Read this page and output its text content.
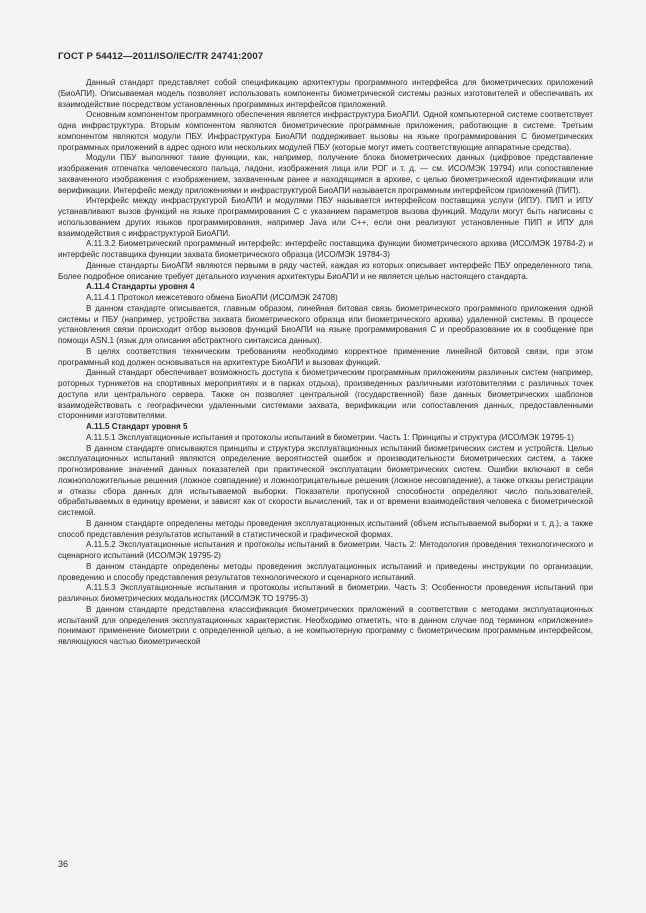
ГОСТ Р 54412—2011/ISO/IEC/TR 24741:2007

Данный стандарт представляет собой спецификацию архитектуры программного интерфейса для биометрических приложений (БиоАПИ). Описываемая модель позволяет использовать компоненты биометрической системы разных изготовителей и обеспечивать их взаимодействие посредством установленных программных интерфейсов приложений.

Основным компонентом программного обеспечения является инфраструктура БиоАПИ. Одной компьютерной системе соответствует одна инфраструктура. Вторым компонентом являются биометрические программные приложения, работающие в системе. Третьим компонентом являются модули ПБУ. Инфраструктура БиоАПИ поддерживает вызовы на языке программирования С биометрических программных приложений в адрес одного или нескольких модулей ПБУ (которые могут иметь соответствующие аппаратные средства).

Модули ПБУ выполняют такие функции, как, например, получение блока биометрических данных (цифровое представление изображения отпечатка человеческого пальца, ладони, изображения лица или РОГ и т. д. — см. ИСО/МЭК 19794) или сопоставление захваченного изображения с изображением, захваченным ранее и находящимся в архиве, с целью биометрической идентификации или верификации. Интерфейс между приложениями и инфраструктурой БиоАПИ называется программным интерфейсом приложений (ПИП).

Интерфейс между инфраструктурой БиоАПИ и модулями ПБУ называется интерфейсом поставщика услуги (ИПУ). ПИП и ИПУ устанавливают вызов функций на языке программирования С с указанием параметров вызова функций. Модули могут быть написаны с использованием других языков программирования, например Java или С++, если они реализуют установленные ПИП и ИПУ для взаимодействия с инфраструктурой БиоАПИ.

А.11.3.2 Биометрический программный интерфейс: интерфейс поставщика функции биометрического архива (ИСО/МЭК 19784-2) и интерфейс поставщика функции захвата биометрического образца (ИСО/МЭК 19784-3)

Данные стандарты БиоАПИ являются первыми в ряду частей, каждая из которых описывает интерфейс ПБУ определенного типа. Более подробное описание требует детального изучения архитектуры БиоАПИ и не является целью настоящего стандарта.

А.11.4 Стандарты уровня 4

А.11.4.1 Протокол межсетевого обмена БиоАПИ (ИСО/МЭК 24708)

В данном стандарте описывается, главным образом, линейная битовая связь биометрического программного приложения одной системы и ПБУ (например, устройства захвата биометрического образца или биометрического архива) удаленной системы. В процессе установления связи происходит отбор вызовов функций БиоАПИ на языке программирования С и преобразование их в сообщение при помощи ASN.1 (язык для описания абстрактного синтаксиса данных).

В целях соответствия техническим требованиям необходимо корректное применение линейной битовой связи, при этом программный код должен основываться на архитектуре БиоАПИ и вызовах функций.

Данный стандарт обеспечивает возможность доступа к биометрическим программным приложениям различных систем (например, роторных турникетов на спортивных мероприятиях и в парках отдыха), произведенных различными изготовителями с различных точек доступа или центрального сервера. Также он позволяет центральной (государственной) базе данных биометрических шаблонов взаимодействовать с географически удаленными системами захвата, верификации или сопоставления данных, предоставленными сторонними изготовителями.

А.11.5 Стандарт уровня 5

А.11.5.1 Эксплуатационные испытания и протоколы испытаний в биометрии. Часть 1: Принципы и структура (ИСО/МЭК 19795-1)

В данном стандарте описываются принципы и структура эксплуатационных испытаний биометрических систем и устройств. Целью эксплуатационных испытаний являются определение вероятностей ошибок и производительности биометрических систем, а также прогнозирование значений данных показателей при практической эксплуатации биометрических систем. Ошибки включают в себя ложноположительные решения (ложное совпадение) и ложноотрицательные решения (ложное несовпадение), а также отказы регистрации и отказы сбора данных для испытываемой выборки. Показатели пропускной способности определяют число пользователей, обрабатываемых в единицу времени, и зависят как от скорости вычислений, так и от времени взаимодействия человека с биометрической системой.

В данном стандарте определены методы проведения эксплуатационных испытаний (объем испытываемой выборки и т. д.), а также способ представления результатов испытаний в статистической и графической формах.

А.11.5.2 Эксплуатационные испытания и протоколы испытаний в биометрии. Часть 2: Методология проведения технологического и сценарного испытаний (ИСО/МЭК 19795-2)

В данном стандарте определены методы проведения эксплуатационных испытаний и приведены инструкции по организации, проведению и способу представления результатов технологического и сценарного испытаний.

А.11.5.3 Эксплуатационные испытания и протоколы испытаний в биометрии. Часть 3: Особенности проведения испытаний при различных биометрических модальностях (ИСО/МЭК ТО 19795-3)

В данном стандарте представлена классификация биометрических приложений в соответствии с методами эксплуатационных испытаний для определения эксплуатационных характеристик. Необходимо отметить, что в данном случае под термином «приложение» понимают применение биометрии с определенной целью, а не компьютерную программу с биометрическим программным интерфейсом, являющуюся частью биометрической

36
